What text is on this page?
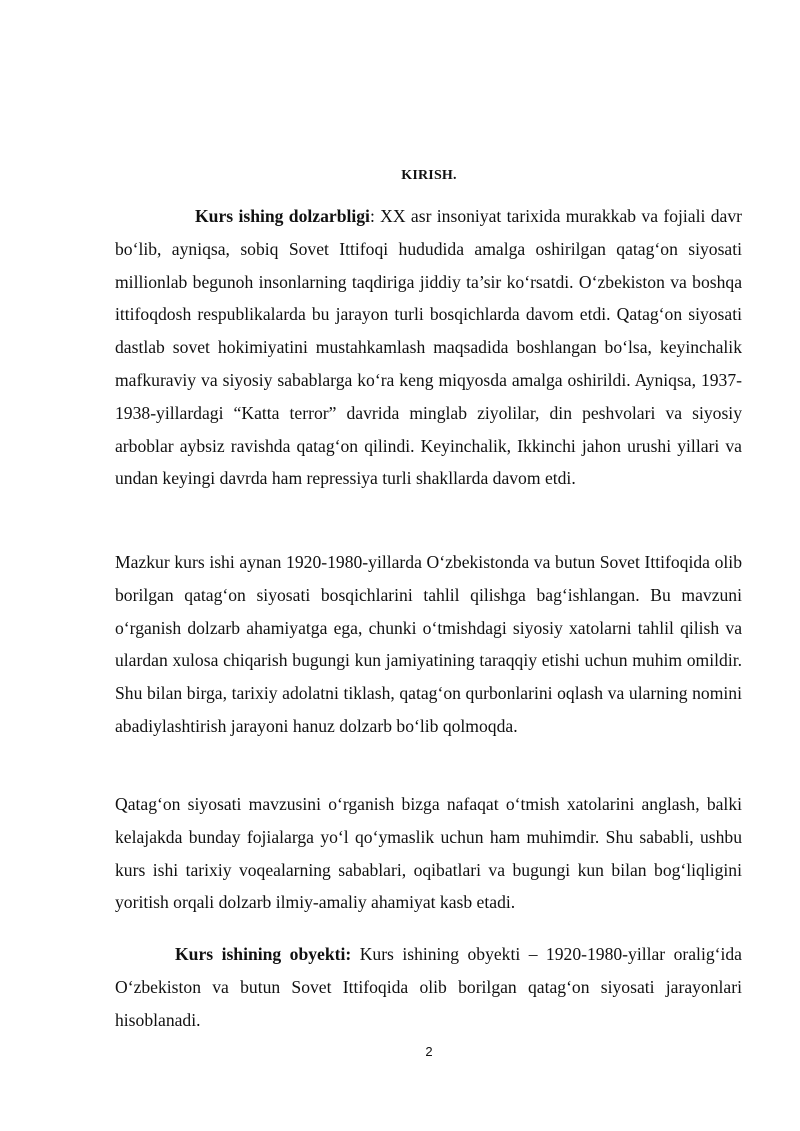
KIRISH.

Kurs ishing dolzarbligi: XX asr insoniyat tarixida murakkab va fojiali davr bo‘lib, ayniqsa, sobiq Sovet Ittifoqi hududida amalga oshirilgan qatag‘on siyosati millionlab begunoh insonlarning taqdiriga jiddiy ta’sir ko‘rsatdi. O‘zbekiston va boshqa ittifoqdosh respublikalarda bu jarayon turli bosqichlarda davom etdi. Qatag‘on siyosati dastlab sovet hokimiyatini mustahkamlash maqsadida boshlangan bo‘lsa, keyinchalik mafkuraviy va siyosiy sabablarga ko‘ra keng miqyosda amalga oshirildi. Ayniqsa, 1937-1938-yillardagi “Katta terror” davrida minglab ziyolilar, din peshvolari va siyosiy arboblar aybsiz ravishda qatag‘on qilindi. Keyinchalik, Ikkinchi jahon urushi yillari va undan keyingi davrda ham repressiya turli shakllarda davom etdi.

Mazkur kurs ishi aynan 1920-1980-yillarda O‘zbekistonda va butun Sovet Ittifoqida olib borilgan qatag‘on siyosati bosqichlarini tahlil qilishga bag‘ishlangan. Bu mavzuni o‘rganish dolzarb ahamiyatga ega, chunki o‘tmishdagi siyosiy xatolarni tahlil qilish va ulardan xulosa chiqarish bugungi kun jamiyatining taraqqiy etishi uchun muhim omildir. Shu bilan birga, tarixiy adolatni tiklash, qatag‘on qurbonlarini oqlash va ularning nomini abadiylashtirish jarayoni hanuz dolzarb bo‘lib qolmoqda.

Qatag‘on siyosati mavzusini o‘rganish bizga nafaqat o‘tmish xatolarini anglash, balki kelajakda bunday fojialarga yo‘l qo‘ymaslik uchun ham muhimdir. Shu sababli, ushbu kurs ishi tarixiy voqealarning sabablari, oqibatlari va bugungi kun bilan bog‘liqligini yoritish orqali dolzarb ilmiy-amaliy ahamiyat kasb etadi.

Kurs ishining obyekti: Kurs ishining obyekti – 1920-1980-yillar oralig‘ida O‘zbekiston va butun Sovet Ittifoqida olib borilgan qatag‘on siyosati jarayonlari hisoblanadi.

2
